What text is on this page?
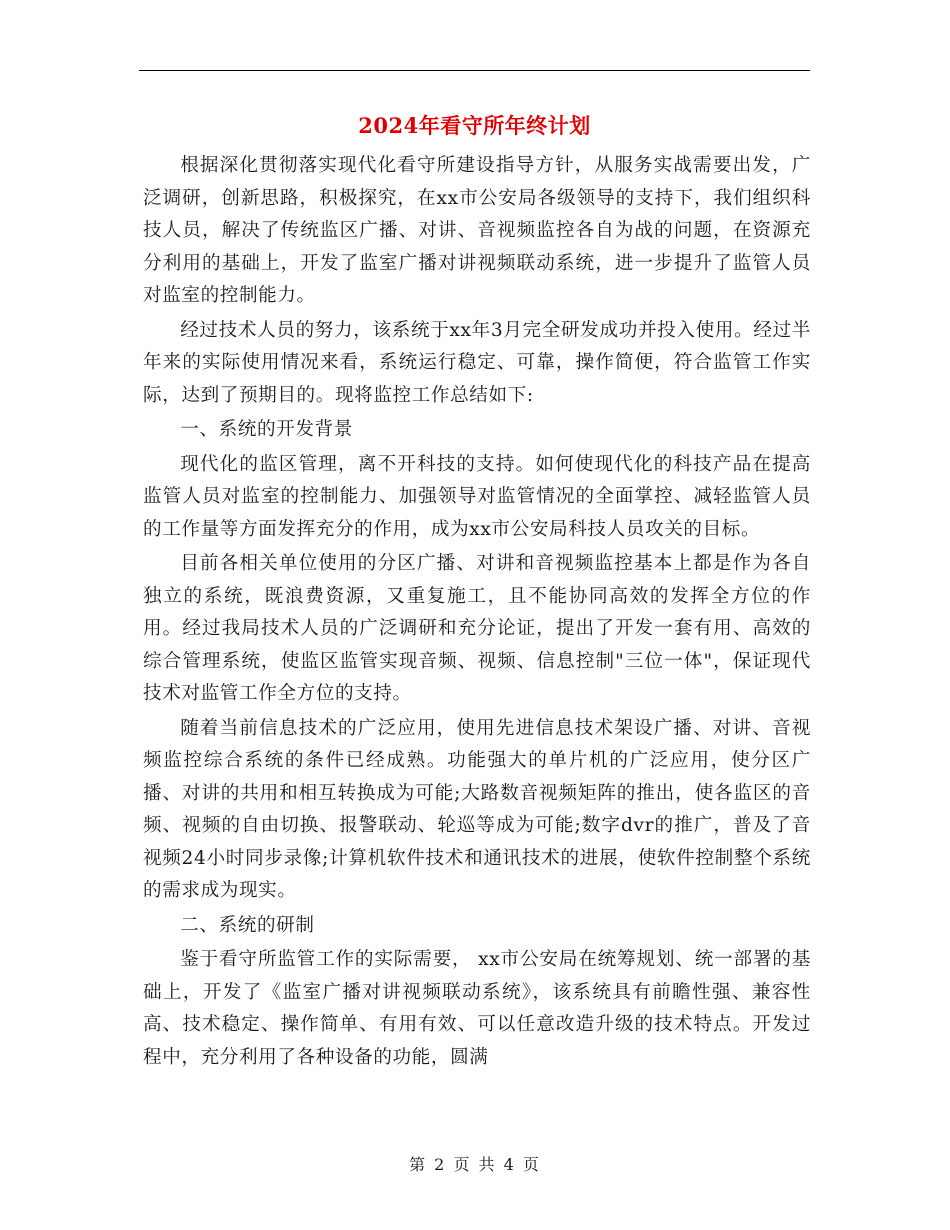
2024年看守所年终计划

根据深化贯彻落实现代化看守所建设指导方针，从服务实战需要出发，广泛调研，创新思路，积极探究，在xx市公安局各级领导的支持下，我们组织科技人员，解决了传统监区广播、对讲、音视频监控各自为战的问题，在资源充分利用的基础上，开发了监室广播对讲视频联动系统，进一步提升了监管人员对监室的控制能力。

经过技术人员的努力，该系统于xx年3月完全研发成功并投入使用。经过半年来的实际使用情况来看，系统运行稳定、可靠，操作简便，符合监管工作实际，达到了预期目的。现将监控工作总结如下:

一、系统的开发背景

现代化的监区管理，离不开科技的支持。如何使现代化的科技产品在提高监管人员对监室的控制能力、加强领导对监管情况的全面掌控、减轻监管人员的工作量等方面发挥充分的作用，成为xx市公安局科技人员攻关的目标。

目前各相关单位使用的分区广播、对讲和音视频监控基本上都是作为各自独立的系统，既浪费资源，又重复施工，且不能协同高效的发挥全方位的作用。经过我局技术人员的广泛调研和充分论证，提出了开发一套有用、高效的综合管理系统，使监区监管实现音频、视频、信息控制"三位一体"，保证现代技术对监管工作全方位的支持。

随着当前信息技术的广泛应用，使用先进信息技术架设广播、对讲、音视频监控综合系统的条件已经成熟。功能强大的单片机的广泛应用，使分区广播、对讲的共用和相互转换成为可能;大路数音视频矩阵的推出，使各监区的音频、视频的自由切换、报警联动、轮巡等成为可能;数字dvr的推广，普及了音视频24小时同步录像;计算机软件技术和通讯技术的进展，使软件控制整个系统的需求成为现实。

二、系统的研制

鉴于看守所监管工作的实际需要， xx市公安局在统筹规划、统一部署的基础上，开发了《监室广播对讲视频联动系统》，该系统具有前瞻性强、兼容性高、技术稳定、操作简单、有用有效、可以任意改造升级的技术特点。开发过程中，充分利用了各种设备的功能，圆满

第 2 页 共 4 页
